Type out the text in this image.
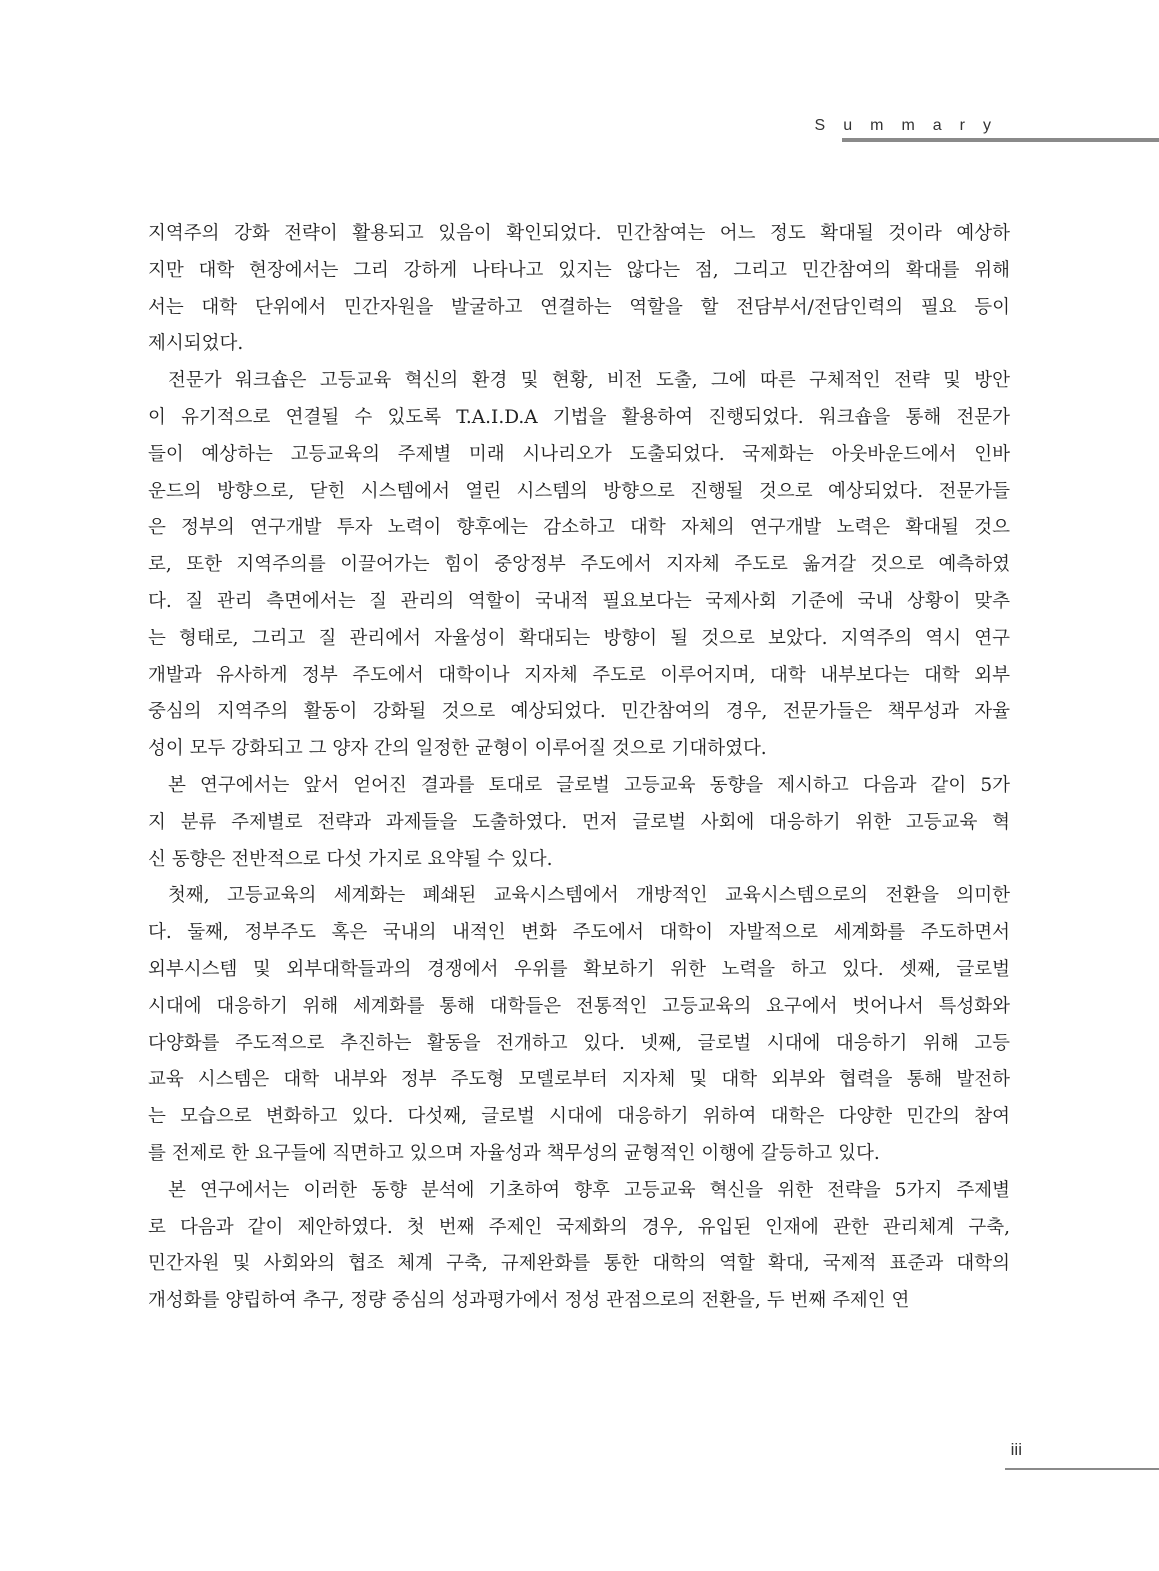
Summary
지역주의 강화 전략이 활용되고 있음이 확인되었다. 민간참여는 어느 정도 확대될 것이라 예상하
지만 대학 현장에서는 그리 강하게 나타나고 있지는 않다는 점, 그리고 민간참여의 확대를 위해
서는 대학 단위에서 민간자원을 발굴하고 연결하는 역할을 할 전담부서/전담인력의 필요 등이
제시되었다.
전문가 워크숍은 고등교육 혁신의 환경 및 현황, 비전 도출, 그에 따른 구체적인 전략 및 방안
이 유기적으로 연결될 수 있도록 T.A.I.D.A 기법을 활용하여 진행되었다. 워크숍을 통해 전문가
들이 예상하는 고등교육의 주제별 미래 시나리오가 도출되었다. 국제화는 아웃바운드에서 인바
운드의 방향으로, 닫힌 시스템에서 열린 시스템의 방향으로 진행될 것으로 예상되었다. 전문가들
은 정부의 연구개발 투자 노력이 향후에는 감소하고 대학 자체의 연구개발 노력은 확대될 것으
로, 또한 지역주의를 이끌어가는 힘이 중앙정부 주도에서 지자체 주도로 옮겨갈 것으로 예측하였
다. 질 관리 측면에서는 질 관리의 역할이 국내적 필요보다는 국제사회 기준에 국내 상황이 맞추
는 형태로, 그리고 질 관리에서 자율성이 확대되는 방향이 될 것으로 보았다. 지역주의 역시 연구
개발과 유사하게 정부 주도에서 대학이나 지자체 주도로 이루어지며, 대학 내부보다는 대학 외부
중심의 지역주의 활동이 강화될 것으로 예상되었다. 민간참여의 경우, 전문가들은 책무성과 자율
성이 모두 강화되고 그 양자 간의 일정한 균형이 이루어질 것으로 기대하였다.
본 연구에서는 앞서 얻어진 결과를 토대로 글로벌 고등교육 동향을 제시하고 다음과 같이 5가
지 분류 주제별로 전략과 과제들을 도출하였다. 먼저 글로벌 사회에 대응하기 위한 고등교육 혁
신 동향은 전반적으로 다섯 가지로 요약될 수 있다.
첫째, 고등교육의 세계화는 폐쇄된 교육시스템에서 개방적인 교육시스템으로의 전환을 의미한
다. 둘째, 정부주도 혹은 국내의 내적인 변화 주도에서 대학이 자발적으로 세계화를 주도하면서
외부시스템 및 외부대학들과의 경쟁에서 우위를 확보하기 위한 노력을 하고 있다. 셋째, 글로벌
시대에 대응하기 위해 세계화를 통해 대학들은 전통적인 고등교육의 요구에서 벗어나서 특성화와
다양화를 주도적으로 추진하는 활동을 전개하고 있다. 넷째, 글로벌 시대에 대응하기 위해 고등
교육 시스템은 대학 내부와 정부 주도형 모델로부터 지자체 및 대학 외부와 협력을 통해 발전하
는 모습으로 변화하고 있다. 다섯째, 글로벌 시대에 대응하기 위하여 대학은 다양한 민간의 참여
를 전제로 한 요구들에 직면하고 있으며 자율성과 책무성의 균형적인 이행에 갈등하고 있다.
본 연구에서는 이러한 동향 분석에 기초하여 향후 고등교육 혁신을 위한 전략을 5가지 주제별
로 다음과 같이 제안하였다. 첫 번째 주제인 국제화의 경우, 유입된 인재에 관한 관리체계 구축,
민간자원 및 사회와의 협조 체계 구축, 규제완화를 통한 대학의 역할 확대, 국제적 표준과 대학의
개성화를 양립하여 추구, 정량 중심의 성과평가에서 정성 관점으로의 전환을, 두 번째 주제인 연
iii
